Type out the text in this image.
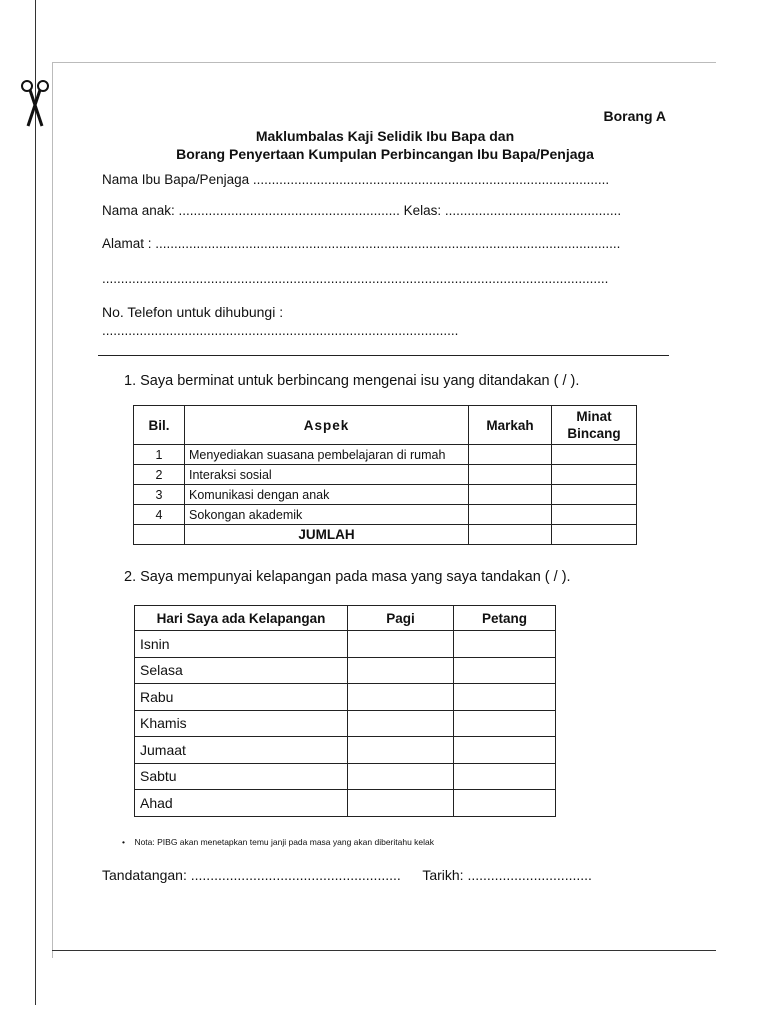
Borang A
Maklumbalas Kaji Selidik Ibu Bapa dan
Borang Penyertaan Kumpulan Perbincangan Ibu Bapa/Penjaga
Nama Ibu Bapa/Penjaga ...............................................................................................
Nama anak: ........................................................... Kelas: ...............................................
Alamat : ............................................................................................................................
.......................................................................................................................................
No. Telefon untuk dihubungi :
...............................................................................................
1. Saya berminat untuk berbincang mengenai isu yang ditandakan ( / ).
Bil.	Aspek	Markah	Minat Bincang
1	Menyediakan suasana pembelajaran di rumah		
2	Interaksi sosial		
3	Komunikasi dengan anak		
4	Sokongan akademik		
	JUMLAH		
2. Saya mempunyai kelapangan pada masa yang saya tandakan ( / ).
Hari Saya ada Kelapangan	Pagi	Petang
Isnin		
Selasa		
Rabu		
Khamis		
Jumaat		
Sabtu		
Ahad		
•    Nota: PIBG akan menetapkan temu janji pada masa yang akan diberitahu kelak
Tandatangan: ...................................................... Tarikh: ................................
